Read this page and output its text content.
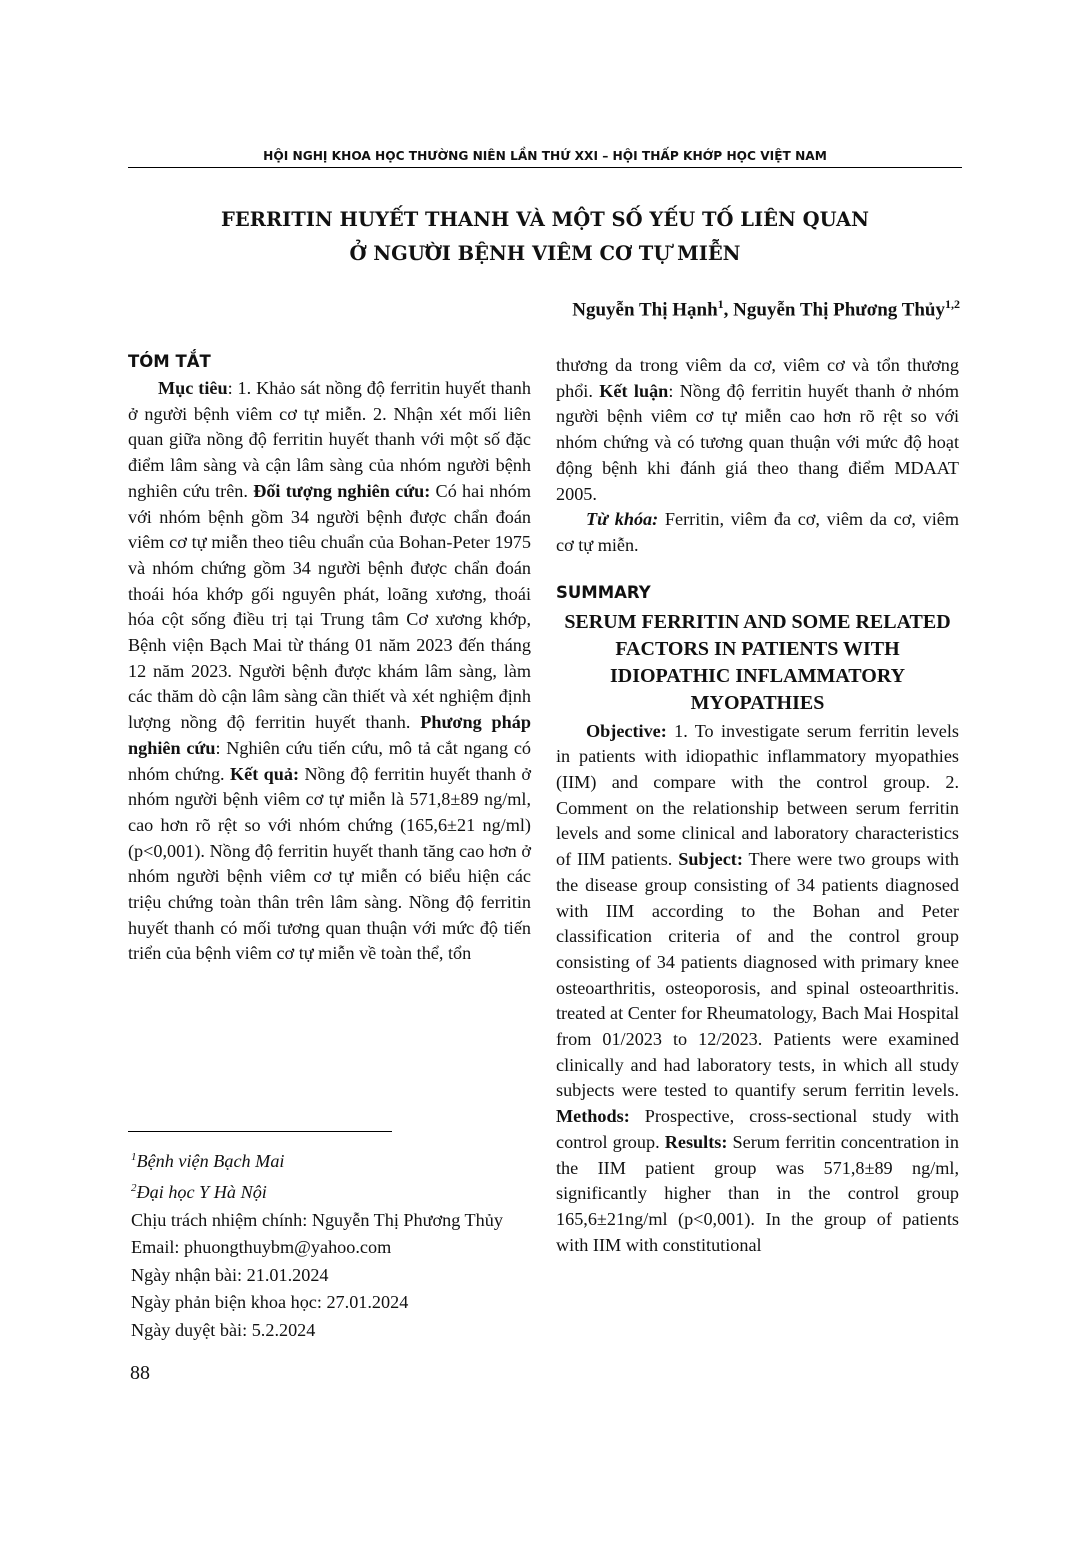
HỘI NGHỊ KHOA HỌC THƯỜNG NIÊN LẦN THỨ XXI – HỘI THẤP KHỚP HỌC VIỆT NAM
FERRITIN HUYẾT THANH VÀ MỘT SỐ YẾU TỐ LIÊN QUAN
Ở NGƯỜI BỆNH VIÊM CƠ TỰ MIỄN
Nguyễn Thị Hạnh$^1$, Nguyễn Thị Phương Thủy$^{1,2}$
TÓM TẮT

Mục tiêu: 1. Khảo sát nồng độ ferritin huyết thanh ở người bệnh viêm cơ tự miễn. 2. Nhận xét mối liên quan giữa nồng độ ferritin huyết thanh với một số đặc điểm lâm sàng và cận lâm sàng của nhóm người bệnh nghiên cứu trên. Đối tượng nghiên cứu: Có hai nhóm với nhóm bệnh gồm 34 người bệnh được chẩn đoán viêm cơ tự miễn theo tiêu chuẩn của Bohan-Peter 1975 và nhóm chứng gồm 34 người bệnh được chẩn đoán thoái hóa khớp gối nguyên phát, loãng xương, thoái hóa cột sống điều trị tại Trung tâm Cơ xương khớp, Bệnh viện Bạch Mai từ tháng 01 năm 2023 đến tháng 12 năm 2023. Người bệnh được khám lâm sàng, làm các thăm dò cận lâm sàng cần thiết và xét nghiệm định lượng nồng độ ferritin huyết thanh. Phương pháp nghiên cứu: Nghiên cứu tiến cứu, mô tả cắt ngang có nhóm chứng. Kết quả: Nồng độ ferritin huyết thanh ở nhóm người bệnh viêm cơ tự miễn là 571,8±89 ng/ml, cao hơn rõ rệt so với nhóm chứng (165,6±21 ng/ml) (p<0,001). Nồng độ ferritin huyết thanh tăng cao hơn ở nhóm người bệnh viêm cơ tự miễn có biểu hiện các triệu chứng toàn thân trên lâm sàng. Nồng độ ferritin huyết thanh có mối tương quan thuận với mức độ tiến triển của bệnh viêm cơ tự miễn về toàn thể, tổn

thương da trong viêm da cơ, viêm cơ và tổn thương phổi. Kết luận: Nồng độ ferritin huyết thanh ở nhóm người bệnh viêm cơ tự miễn cao hơn rõ rệt so với nhóm chứng và có tương quan thuận với mức độ hoạt động bệnh khi đánh giá theo thang điểm MDAAT 2005.

Từ khóa: Ferritin, viêm đa cơ, viêm da cơ, viêm cơ tự miễn.

SUMMARY
SERUM FERRITIN AND SOME RELATED FACTORS IN PATIENTS WITH IDIOPATHIC INFLAMMATORY MYOPATHIES

Objective: 1. To investigate serum ferritin levels in patients with idiopathic inflammatory myopathies (IIM) and compare with the control group. 2. Comment on the relationship between serum ferritin levels and some clinical and laboratory characteristics of IIM patients. Subject: There were two groups with the disease group consisting of 34 patients diagnosed with IIM according to the Bohan and Peter classification criteria of and the control group consisting of 34 patients diagnosed with primary knee osteoarthritis, osteoporosis, and spinal osteoarthritis. treated at Center for Rheumatology, Bach Mai Hospital from 01/2023 to 12/2023. Patients were examined clinically and had laboratory tests, in which all study subjects were tested to quantify serum ferritin levels. Methods: Prospective, cross-sectional study with control group. Results: Serum ferritin concentration in the IIM patient group was 571,8±89 ng/ml, significantly higher than in the control group 165,6±21ng/ml (p<0,001). In the group of patients with IIM with constitutional

$^1$Bệnh viện Bạch Mai
$^2$Đại học Y Hà Nội
Chịu trách nhiệm chính: Nguyễn Thị Phương Thủy
Email: phuongthuybm@yahoo.com
Ngày nhận bài: 21.01.2024
Ngày phản biện khoa học: 27.01.2024
Ngày duyệt bài: 5.2.2024
88
